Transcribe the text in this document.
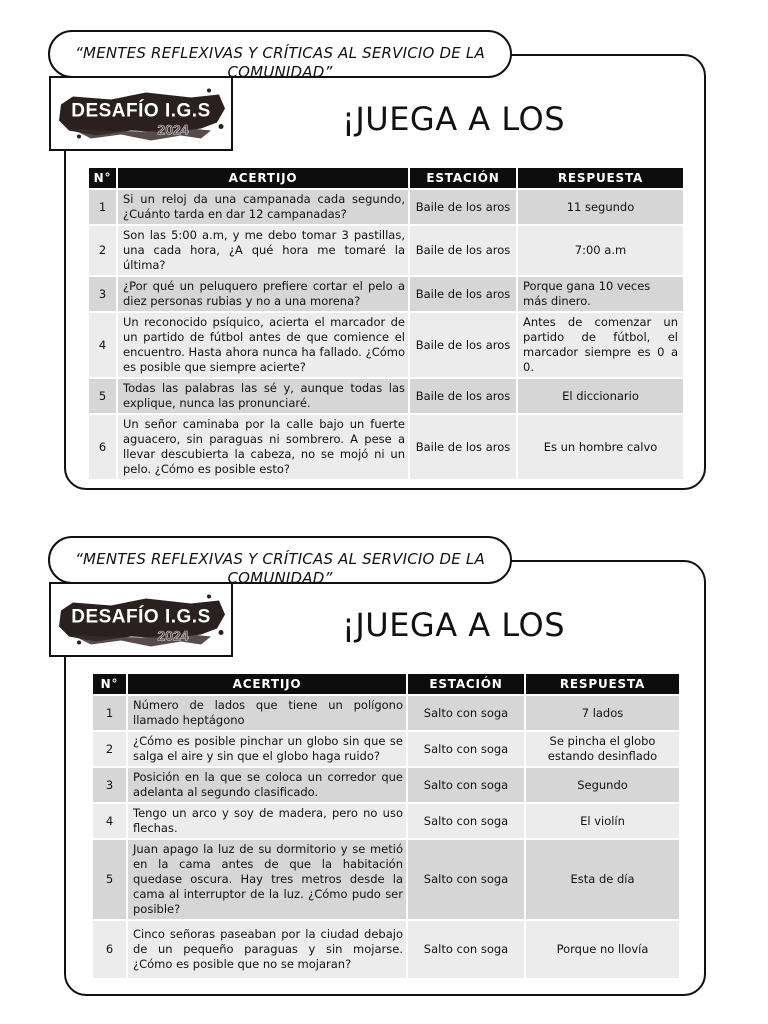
“MENTES REFLEXIVAS Y CRÍTICAS AL SERVICIO DE LA COMUNIDAD”
DESAFÍO I.G.S
2024	¡JUEGA A LOS
N°	ACERTIJO	ESTACIÓN	RESPUESTA
1	Si un reloj da una campanada cada segundo, ¿Cuánto tarda en dar 12 campanadas?	Baile de los aros	11 segundo
2	Son las 5:00 a.m, y me debo tomar 3 pastillas, una cada hora, ¿A qué hora me tomaré la última?	Baile de los aros	7:00 a.m
3	¿Por qué un peluquero prefiere cortar el pelo a diez personas rubias y no a una morena?	Baile de los aros	Porque gana 10 veces más dinero.
4	Un reconocido psíquico, acierta el marcador de un partido de fútbol antes de que comience el encuentro. Hasta ahora nunca ha fallado. ¿Cómo es posible que siempre acierte?	Baile de los aros	Antes de comenzar un partido de fútbol, el marcador siempre es 0 a 0.
5	Todas las palabras las sé y, aunque todas las explique, nunca las pronunciaré.	Baile de los aros	El diccionario
6	Un señor caminaba por la calle bajo un fuerte aguacero, sin paraguas ni sombrero. A pese a llevar descubierta la cabeza, no se mojó ni un pelo. ¿Cómo es posible esto?	Baile de los aros	Es un hombre calvo
“MENTES REFLEXIVAS Y CRÍTICAS AL SERVICIO DE LA COMUNIDAD”
DESAFÍO I.G.S
2024	¡JUEGA A LOS
N°	ACERTIJO	ESTACIÓN	RESPUESTA
1	Número de lados que tiene un polígono llamado heptágono	Salto con soga	7 lados
2	¿Cómo es posible pinchar un globo sin que se salga el aire y sin que el globo haga ruido?	Salto con soga	Se pincha el globo estando desinflado
3	Posición en la que se coloca un corredor que adelanta al segundo clasificado.	Salto con soga	Segundo
4	Tengo un arco y soy de madera, pero no uso flechas.	Salto con soga	El violín
5	Juan apago la luz de su dormitorio y se metió en la cama antes de que la habitación quedase oscura. Hay tres metros desde la cama al interruptor de la luz. ¿Cómo pudo ser posible?	Salto con soga	Esta de día
6	Cinco señoras paseaban por la ciudad debajo de un pequeño paraguas y sin mojarse. ¿Cómo es posible que no se mojaran?	Salto con soga	Porque no llovía
